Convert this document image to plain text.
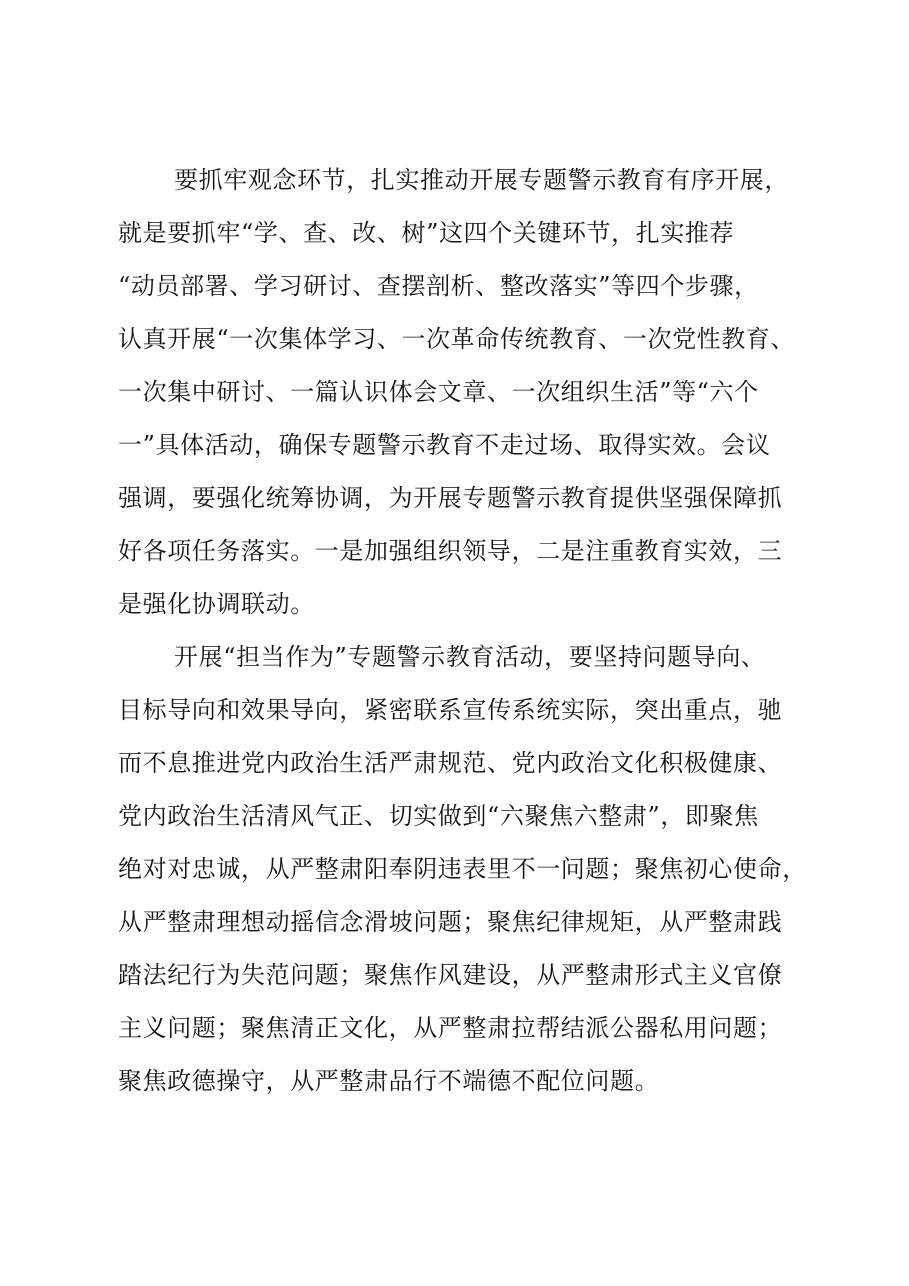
要抓牢观念环节，扎实推动开展专题警示教育有序开展，
就是要抓牢“学、查、改、树”这四个关键环节，扎实推荐
“动员部署、学习研讨、查摆剖析、整改落实”等四个步骤，
认真开展“一次集体学习、一次革命传统教育、一次党性教育、
一次集中研讨、一篇认识体会文章、一次组织生活”等“六个
一”具体活动，确保专题警示教育不走过场、取得实效。会议
强调，要强化统筹协调，为开展专题警示教育提供坚强保障抓
好各项任务落实。一是加强组织领导，二是注重教育实效，三
是强化协调联动。
开展“担当作为”专题警示教育活动，要坚持问题导向、
目标导向和效果导向，紧密联系宣传系统实际，突出重点，驰
而不息推进党内政治生活严肃规范、党内政治文化积极健康、
党内政治生活清风气正、切实做到“六聚焦六整肃”，即聚焦
绝对对忠诚，从严整肃阳奉阴违表里不一问题；聚焦初心使命，
从严整肃理想动摇信念滑坡问题；聚焦纪律规矩，从严整肃践
踏法纪行为失范问题；聚焦作风建设，从严整肃形式主义官僚
主义问题；聚焦清正文化，从严整肃拉帮结派公器私用问题；
聚焦政德操守，从严整肃品行不端德不配位问题。
